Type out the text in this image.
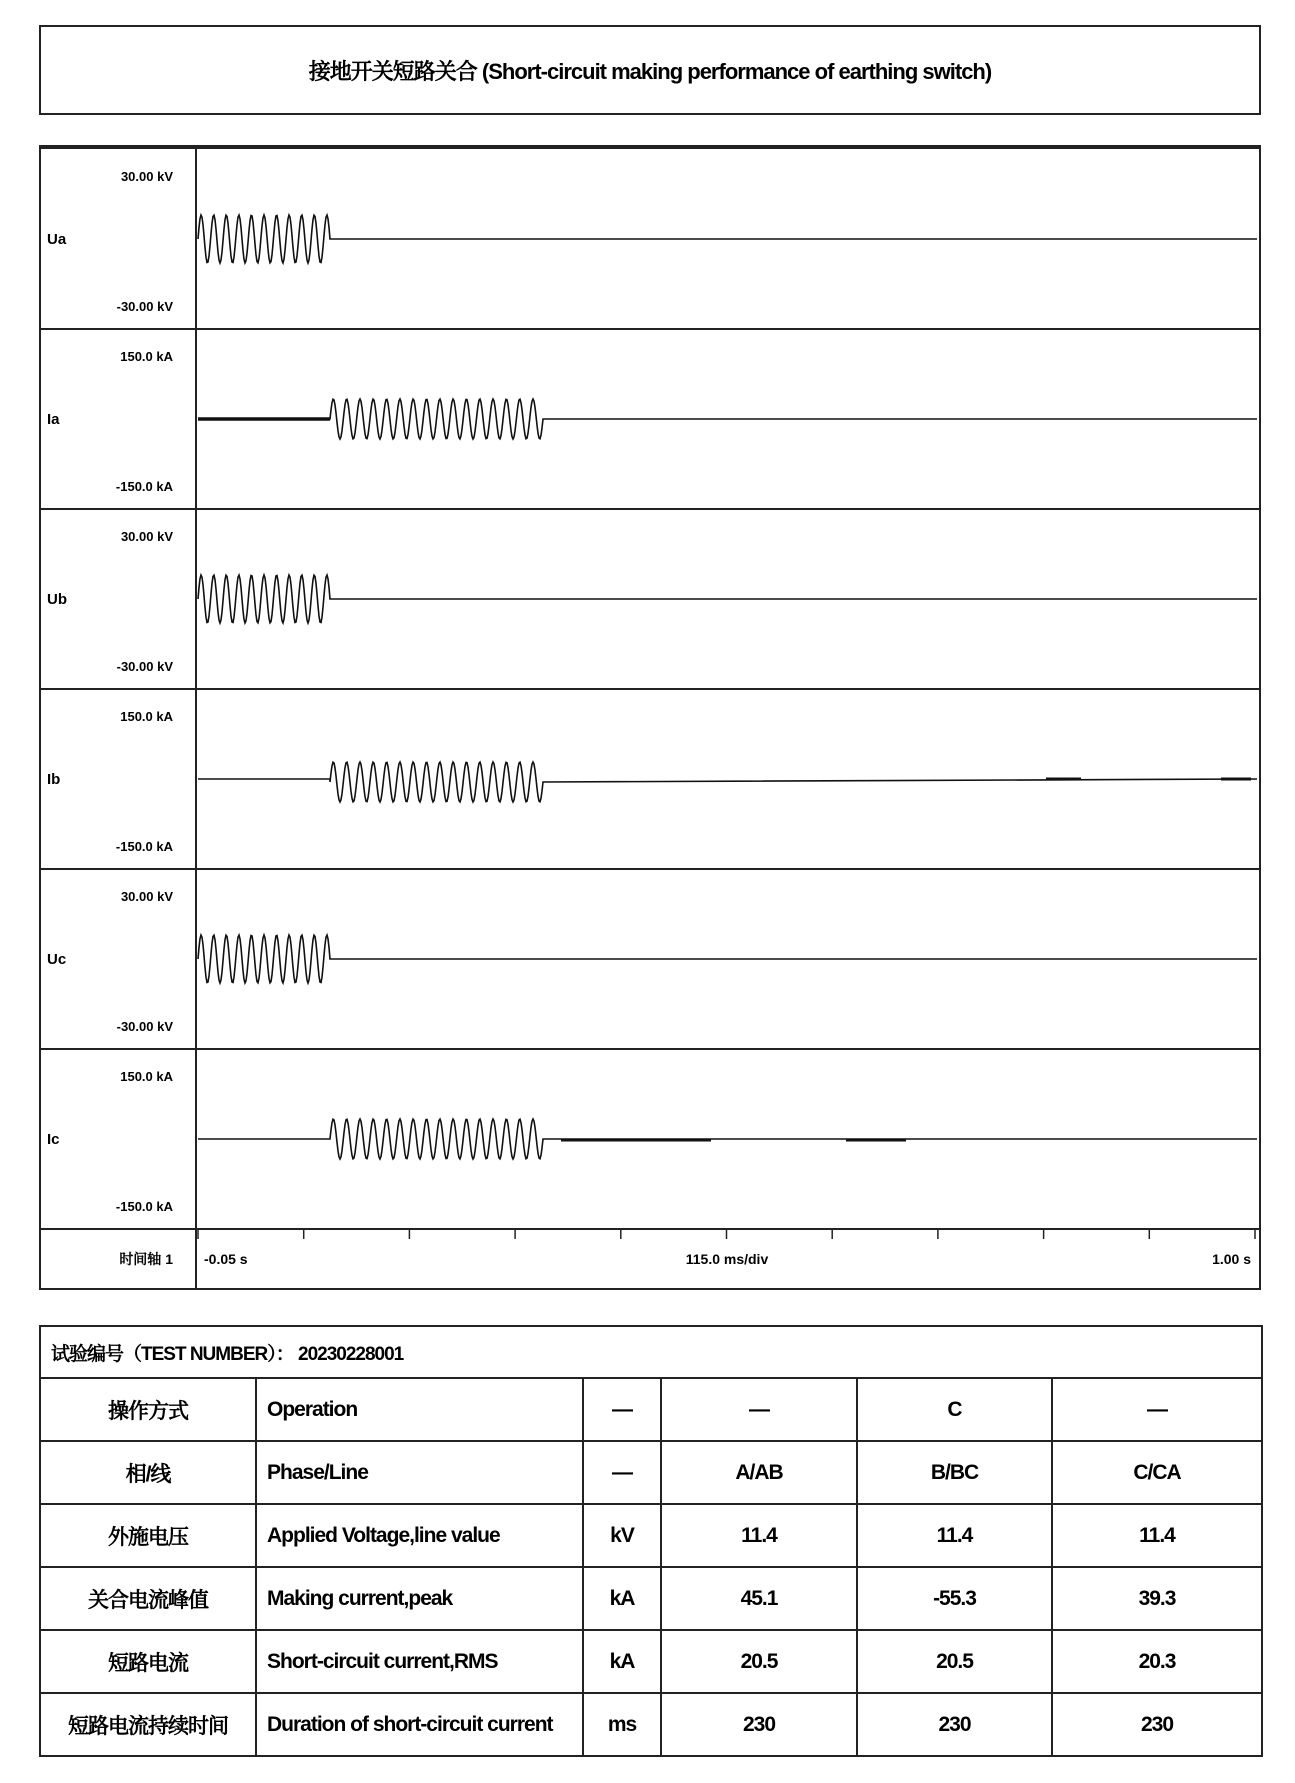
接地开关短路关合 (Short-circuit making performance of earthing switch)
30.00 kV
-30.00 kV
Ua
150.0 kA
-150.0 kA
Ia
30.00 kV
-30.00 kV
Ub
150.0 kA
-150.0 kA
Ib
30.00 kV
-30.00 kV
Uc
150.0 kA
-150.0 kA
Ic
时间轴 1 -0.05 s	115.0 ms/div	1.00 s
试验编号（TEST NUMBER）： 20230228001					
操作方式	Operation	—	—	C	—
相/线	Phase/Line	—	A/AB	B/BC	C/CA
外施电压	Applied Voltage,line value	kV	11.4	11.4	11.4
关合电流峰值	Making current,peak	kA	45.1	-55.3	39.3
短路电流	Short-circuit current,RMS	kA	20.5	20.5	20.3
短路电流持续时间	Duration of short-circuit current	ms	230	230	230
